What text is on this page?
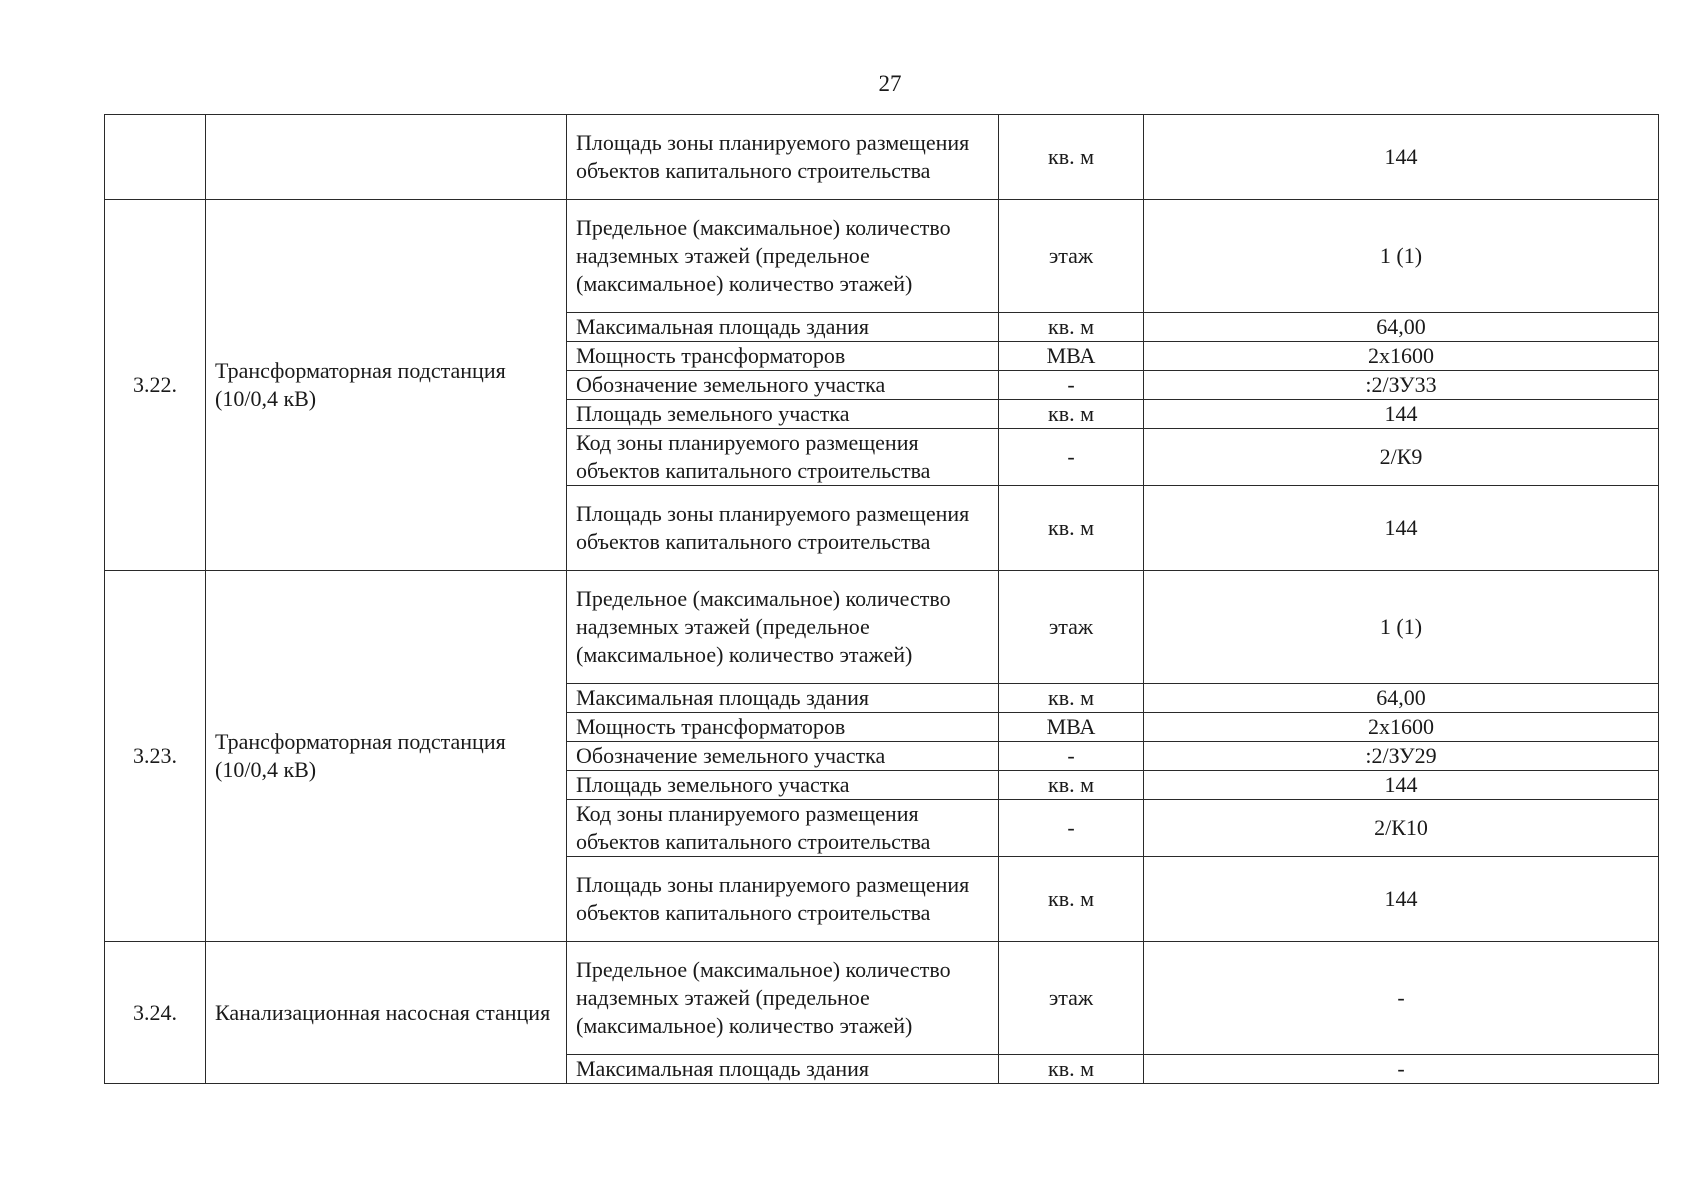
27
		Площадь зоны планируемого размещения объектов капитального строительства	кв. м	144
3.22.	Трансформаторная подстанция (10/0,4 кВ)	Предельное (максимальное) количество надземных этажей (предельное (максимальное) количество этажей)	этаж	1 (1)
		Максимальная площадь здания	кв. м	64,00
		Мощность трансформаторов	МВА	2x1600
		Обозначение земельного участка	-	:2/ЗУ33
		Площадь земельного участка	кв. м	144
		Код зоны планируемого размещения объектов капитального строительства	-	2/К9
		Площадь зоны планируемого размещения объектов капитального строительства	кв. м	144
3.23.	Трансформаторная подстанция (10/0,4 кВ)	Предельное (максимальное) количество надземных этажей (предельное (максимальное) количество этажей)	этаж	1 (1)
		Максимальная площадь здания	кв. м	64,00
		Мощность трансформаторов	МВА	2x1600
		Обозначение земельного участка	-	:2/ЗУ29
		Площадь земельного участка	кв. м	144
		Код зоны планируемого размещения объектов капитального строительства	-	2/К10
		Площадь зоны планируемого размещения объектов капитального строительства	кв. м	144
3.24.	Канализационная насосная станция	Предельное (максимальное) количество надземных этажей (предельное (максимальное) количество этажей)	этаж	-
		Максимальная площадь здания	кв. м	-
